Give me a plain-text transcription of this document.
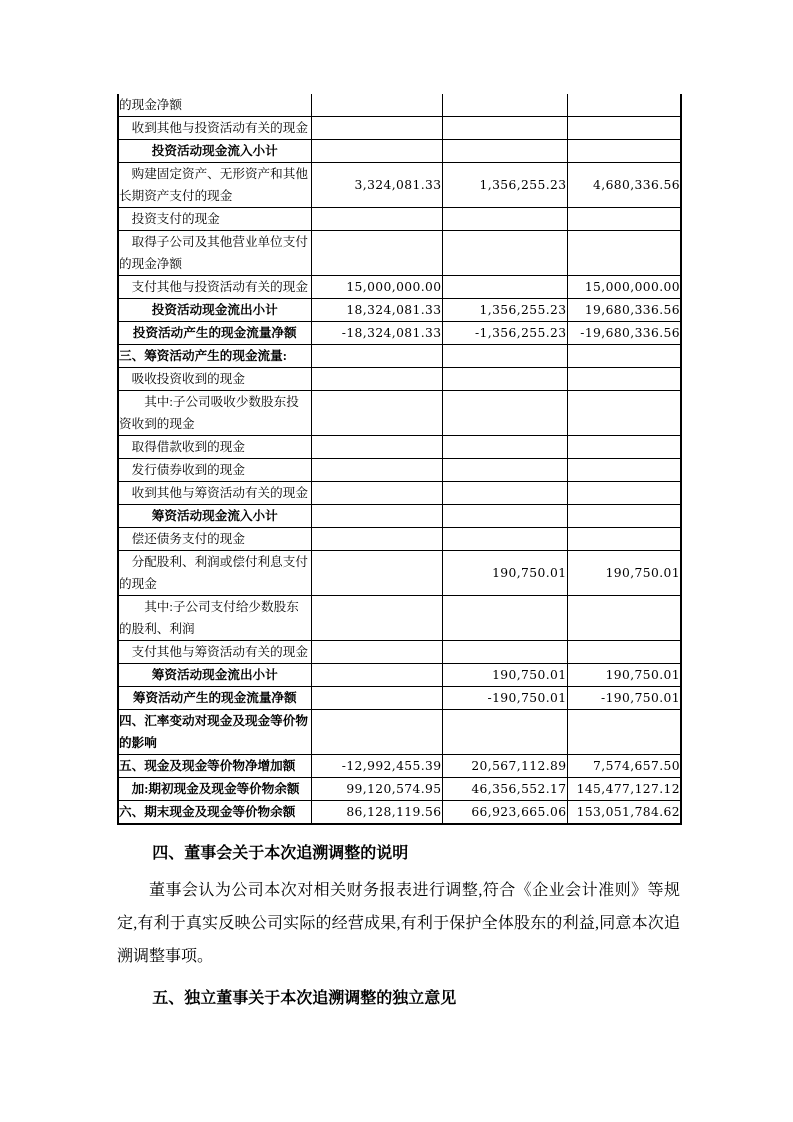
的现金净额			
收到其他与投资活动有关的现金			
投资活动现金流入小计			
购建固定资产、无形资产和其他长期资产支付的现金	3,324,081.33	1,356,255.23	4,680,336.56
投资支付的现金			
取得子公司及其他营业单位支付的现金净额			
支付其他与投资活动有关的现金	15,000,000.00		15,000,000.00
投资活动现金流出小计	18,324,081.33	1,356,255.23	19,680,336.56
投资活动产生的现金流量净额	-18,324,081.33	-1,356,255.23	-19,680,336.56
三、筹资活动产生的现金流量:			
吸收投资收到的现金			
其中:子公司吸收少数股东投资收到的现金			
取得借款收到的现金			
发行债券收到的现金			
收到其他与筹资活动有关的现金			
筹资活动现金流入小计			
偿还债务支付的现金			
分配股利、利润或偿付利息支付的现金		190,750.01	190,750.01
其中:子公司支付给少数股东的股利、利润			
支付其他与筹资活动有关的现金			
筹资活动现金流出小计		190,750.01	190,750.01
筹资活动产生的现金流量净额		-190,750.01	-190,750.01
四、汇率变动对现金及现金等价物的影响			
五、现金及现金等价物净增加额	-12,992,455.39	20,567,112.89	7,574,657.50
加:期初现金及现金等价物余额	99,120,574.95	46,356,552.17	145,477,127.12
六、期末现金及现金等价物余额	86,128,119.56	66,923,665.06	153,051,784.62
四、董事会关于本次追溯调整的说明

董事会认为公司本次对相关财务报表进行调整,符合《企业会计准则》等规定,有利于真实反映公司实际的经营成果,有利于保护全体股东的利益,同意本次追溯调整事项。

五、独立董事关于本次追溯调整的独立意见
